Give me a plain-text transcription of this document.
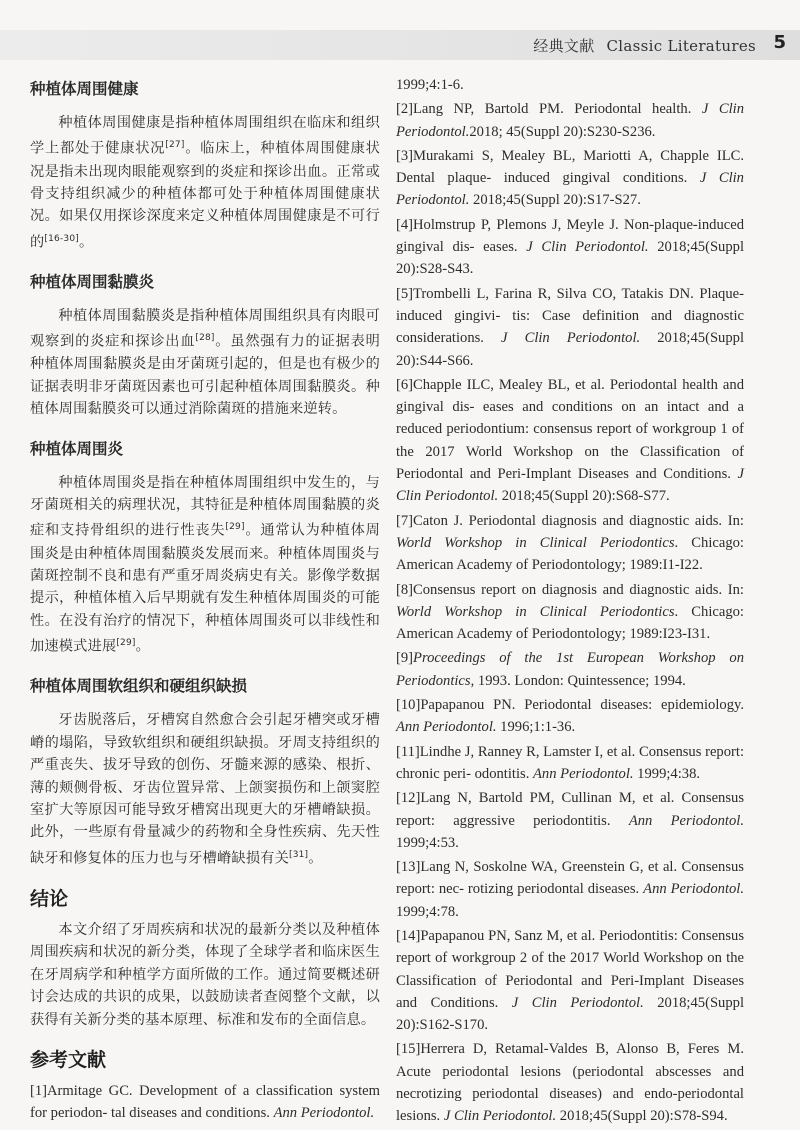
经典文献 Classic Literatures 5
种植体周围健康

种植体周围健康是指种植体周围组织在临床和组织学上都处于健康状况[27]。临床上，种植体周围健康状况是指未出现肉眼能观察到的炎症和探诊出血。正常或骨支持组织减少的种植体都可处于种植体周围健康状况。如果仅用探诊深度来定义种植体周围健康是不可行的[16-30]。

种植体周围黏膜炎

种植体周围黏膜炎是指种植体周围组织具有肉眼可观察到的炎症和探诊出血[28]。虽然强有力的证据表明种植体周围黏膜炎是由牙菌斑引起的，但是也有极少的证据表明非牙菌斑因素也可引起种植体周围黏膜炎。种植体周围黏膜炎可以通过消除菌斑的措施来逆转。

种植体周围炎

种植体周围炎是指在种植体周围组织中发生的，与牙菌斑相关的病理状况，其特征是种植体周围黏膜的炎症和支持骨组织的进行性丧失[29]。通常认为种植体周围炎是由种植体周围黏膜炎发展而来。种植体周围炎与菌斑控制不良和患有严重牙周炎病史有关。影像学数据提示，种植体植入后早期就有发生种植体周围炎的可能性。在没有治疗的情况下，种植体周围炎可以非线性和加速模式进展[29]。

种植体周围软组织和硬组织缺损

牙齿脱落后，牙槽窝自然愈合会引起牙槽突或牙槽嵴的塌陷，导致软组织和硬组织缺损。牙周支持组织的严重丧失、拔牙导致的创伤、牙髓来源的感染、根折、薄的颊侧骨板、牙齿位置异常、上颌窦损伤和上颌窦腔室扩大等原因可能导致牙槽窝出现更大的牙槽嵴缺损。此外，一些原有骨量减少的药物和全身性疾病、先天性缺牙和修复体的压力也与牙槽嵴缺损有关[31]。

结论

本文介绍了牙周疾病和状况的最新分类以及种植体周围疾病和状况的新分类，体现了全球学者和临床医生在牙周病学和种植学方面所做的工作。通过简要概述研讨会达成的共识的成果，以鼓励读者查阅整个文献，以获得有关新分类的基本原理、标准和发布的全面信息。

参考文献

[1]Armitage GC. Development of a classification system for periodon- tal diseases and conditions. Ann Periodontol.

1999;4:1-6.

[2]Lang NP, Bartold PM. Periodontal health. J Clin Periodontol.2018; 45(Suppl 20):S230-S236.

[3]Murakami S, Mealey BL, Mariotti A, Chapple ILC. Dental plaque- induced gingival conditions. J Clin Periodontol. 2018;45(Suppl 20):S17-S27.

[4]Holmstrup P, Plemons J, Meyle J. Non-plaque-induced gingival dis- eases. J Clin Periodontol. 2018;45(Suppl 20):S28-S43.

[5]Trombelli L, Farina R, Silva CO, Tatakis DN. Plaque-induced gingivi- tis: Case definition and diagnostic considerations. J Clin Periodontol. 2018;45(Suppl 20):S44-S66.

[6]Chapple ILC, Mealey BL, et al. Periodontal health and gingival dis- eases and conditions on an intact and a reduced periodontium: consensus report of workgroup 1 of the 2017 World Workshop on the Classification of Periodontal and Peri-Implant Diseases and Conditions. J Clin Periodontol. 2018;45(Suppl 20):S68-S77.

[7]Caton J. Periodontal diagnosis and diagnostic aids. In: World Workshop in Clinical Periodontics. Chicago: American Academy of Periodontology; 1989:I1-I22.

[8]Consensus report on diagnosis and diagnostic aids. In: World Workshop in Clinical Periodontics. Chicago: American Academy of Periodontology; 1989:I23-I31.

[9]Proceedings of the 1st European Workshop on Periodontics, 1993. London: Quintessence; 1994.

[10]Papapanou PN. Periodontal diseases: epidemiology. Ann Periodontol. 1996;1:1-36.

[11]Lindhe J, Ranney R, Lamster I, et al. Consensus report: chronic peri- odontitis. Ann Periodontol. 1999;4:38.

[12]Lang N, Bartold PM, Cullinan M, et al. Consensus report: aggressive periodontitis. Ann Periodontol. 1999;4:53.

[13]Lang N, Soskolne WA, Greenstein G, et al. Consensus report: nec- rotizing periodontal diseases. Ann Periodontol. 1999;4:78.

[14]Papapanou PN, Sanz M, et al. Periodontitis: Consensus report of workgroup 2 of the 2017 World Workshop on the Classification of Periodontal and Peri-Implant Diseases and Conditions. J Clin Periodontol. 2018;45(Suppl 20):S162-S170.

[15]Herrera D, Retamal-Valdes B, Alonso B, Feres M. Acute periodontal lesions (periodontal abscesses and necrotizing periodontal diseases) and endo-periodontal lesions. J Clin Periodontol. 2018;45(Suppl 20):S78-S94.
